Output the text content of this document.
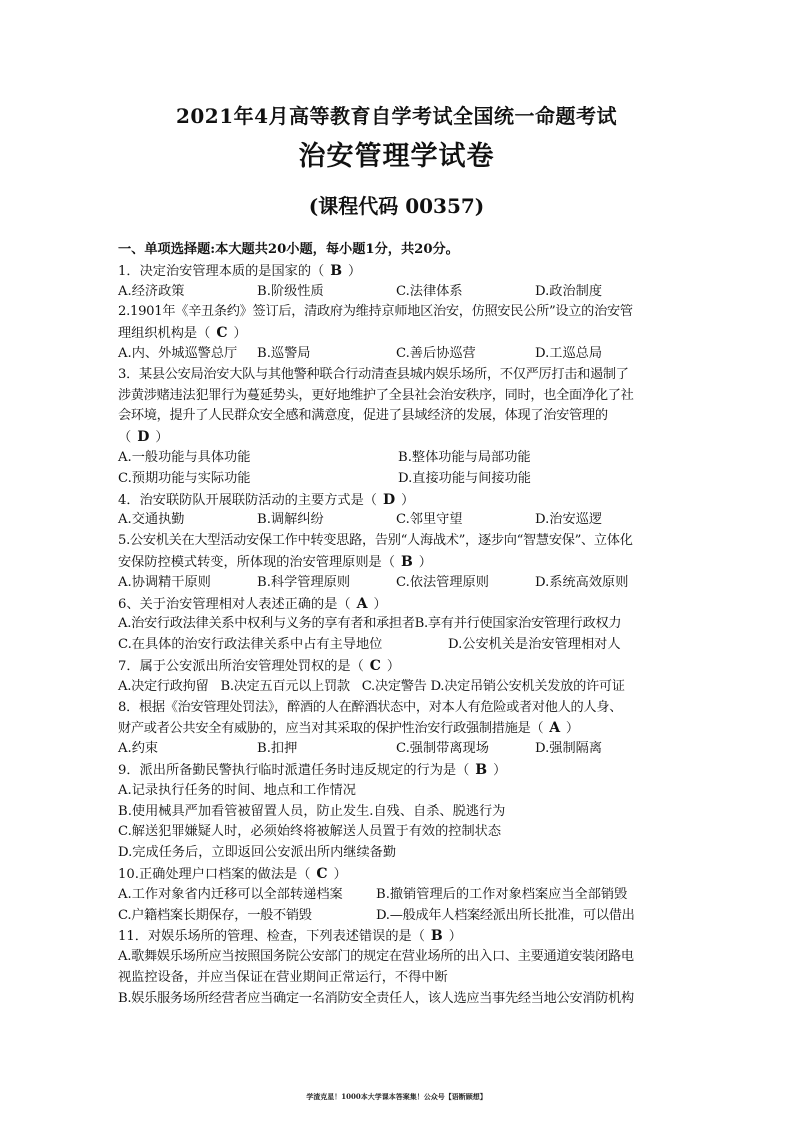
2021年4月高等教育自学考试全国统一命题考试
治安管理学试卷
(课程代码 00357)
一、单项选择题:本大题共20小题，每小题1分，共20分。
1．决定治安管理本质的是国家的（ B ）
A.经济政策	B.阶级性质	C.法律体系	D.政治制度
2.1901年《辛丑条约》签订后，清政府为维持京师地区治安，仿照安民公所”设立的治安管
理组织机构是（ C ）
A.内、外城巡警总厅	B.巡警局	C.善后协巡营	D.工巡总局
3．某县公安局治安大队与其他警种联合行动清查县城内娱乐场所，不仅严厉打击和遏制了
涉黄涉赌违法犯罪行为蔓延势头，更好地维护了全县社会治安秩序，同时，也全面净化了社
会环境，提升了人民群众安全感和满意度，促进了县域经济的发展，体现了治安管理的
（ D ）
A.一般功能与具体功能	B.整体功能与局部功能
C.预期功能与实际功能	D.直接功能与间接功能
4．治安联防队开展联防活动的主要方式是（ D ）
A.交通执勤	B.调解纠纷	C.邻里守望	D.治安巡逻
5.公安机关在大型活动安保工作中转变思路，告别“人海战术”，逐步向“智慧安保”、立体化
安保防控模式转变，所体现的治安管理原则是（ B ）
A.协调精干原则	B.科学管理原则	C.依法管理原则	D.系统高效原则
6、关于治安管理相对人表述正确的是（ A ）
A.治安行政法律关系中权利与义务的享有者和承担者B.享有并行使国家治安管理行政权力
C.在具体的治安行政法律关系中占有主导地位	D.公安机关是治安管理相对人
7．属于公安派出所治安管理处罚权的是（ C ）
A.决定行政拘留 B.决定五百元以上罚款 C.决定警告 D.决定吊销公安机关发放的许可证
8．根据《治安管理处罚法》，醉酒的人在醉酒状态中，对本人有危险或者对他人的人身、
财产或者公共安全有威胁的，应当对其采取的保护性治安行政强制措施是（ A ）
A.约束	B.扣押	C.强制带离现场	D.强制隔离
9．派出所备勤民警执行临时派遣任务时违反规定的行为是（ B ）
A.记录执行任务的时间、地点和工作情况
B.使用械具严加看管被留置人员，防止发生.自残、自杀、脱逃行为
C.解送犯罪嫌疑人时，必须始终将被解送人员置于有效的控制状态
D.完成任务后，立即返回公安派出所内继续备勤
10.正确处理户口档案的做法是（ C ）
A.工作对象省内迁移可以全部转递档案	B.撤销管理后的工作对象档案应当全部销毁
C.户籍档案长期保存，一般不销毁	D.—般成年人档案经派出所长批准，可以借出
11．对娱乐场所的管理、检查，下列表述错误的是（ B ）
A.歌舞娱乐场所应当按照国务院公安部门的规定在营业场所的出入口、主要通道安装闭路电
视监控设备，并应当保证在营业期间正常运行，不得中断
B.娱乐服务场所经营者应当确定一名消防安全责任人，该人选应当事先经当地公安消防机构
学渣克星！1000本大学课本答案集！公众号【语断顾想】
